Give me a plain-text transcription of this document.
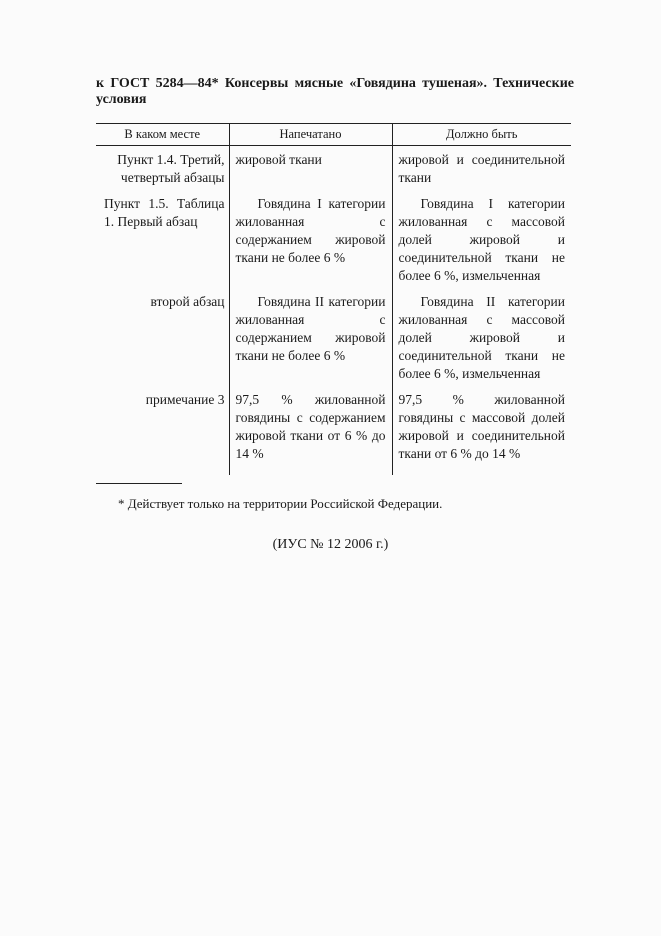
к ГОСТ 5284—84* Консервы мясные «Говядина тушеная». Технические условия
В каком месте	Напечатано	Должно быть
Пункт 1.4. Третий, четвертый абзацы	жировой ткани	жировой и соединительной ткани
Пункт 1.5. Таблица 1. Первый абзац	Говядина I категории жилованная с содержанием жировой ткани не более 6 %	Говядина I категории жилованная с массовой долей жировой и соединительной ткани не более 6 %, измельченная
второй абзац	Говядина II категории жилованная с содержанием жировой ткани не более 6 %	Говядина II категории жилованная с массовой долей жировой и соединительной ткани не более 6 %, измельченная
примечание 3	97,5 % жилованной говядины с содержанием жировой ткани от 6 % до 14 %	97,5 % жилованной говядины с массовой долей жировой и соединительной ткани от 6 % до 14 %
* Действует только на территории Российской Федерации.
(ИУС № 12 2006 г.)
